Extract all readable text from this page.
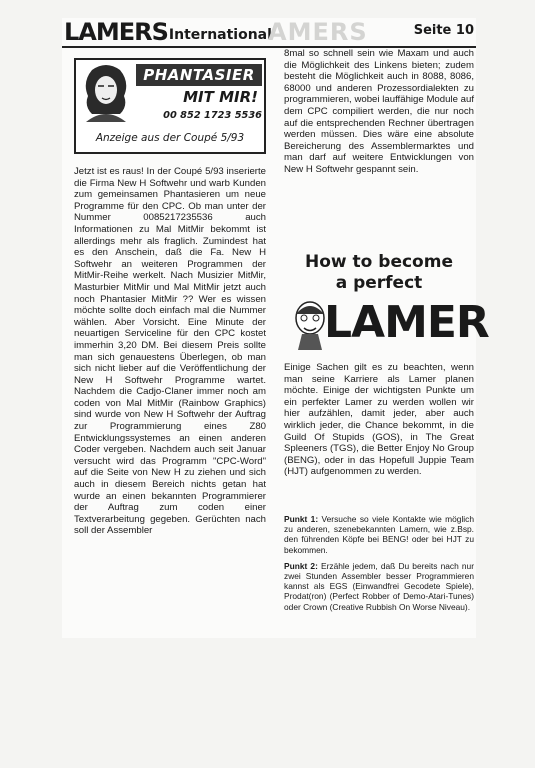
LAMERS International
AMERS	Seite 10
PHANTASIER
MIT MIR!
00 852 1723 5536
Anzeige aus der Coupé 5/93

Jetzt ist es raus! In der Coupé 5/93 inserierte die Firma New H Softwehr und warb Kunden zum gemeinsamen Phantasieren um neue Programme für den CPC. Ob man unter der Nummer 0085217235536 auch Informationen zu Mal MitMir bekommt ist allerdings mehr als fraglich. Zumindest hat es den Anschein, daß die Fa. New H Softwehr an weiteren Programmen der MitMir-Reihe werkelt. Nach Musizier MitMir, Masturbier MitMir und Mal MitMir jetzt auch noch Phantasier MitMir ?? Wer es wissen möchte sollte doch einfach mal die Nummer wählen. Aber Vorsicht. Eine Minute der neuartigen Serviceline für den CPC kostet immerhin 3,20 DM. Bei diesem Preis sollte man sich genauestens Überlegen, ob man sich nicht lieber auf die Veröffentlichung der New H Softwehr Programme wartet. Nachdem die Cadjo-Claner immer noch am coden von Mal MitMir (Rainbow Graphics) sind wurde von New H Softwehr der Auftrag zur Programmierung eines Z80 Entwicklungssystemes an einen anderen Coder vergeben. Nachdem auch seit Januar versucht wird das Programm "CPC-Word" auf die Seite von New H zu ziehen und sich auch in diesem Bereich nichts getan hat wurde an einen bekannten Programmierer der Auftrag zum coden einer Textverarbeitung gegeben. Gerüchten nach soll der Assembler

8mal so schnell sein wie Maxam und auch die Möglichkeit des Linkens bieten; zudem besteht die Möglichkeit auch in 8088, 8086, 68000 und anderen Prozessordialekten zu programmieren, wobei lauffähige Module auf dem CPC compiliert werden, die nur noch auf die entsprechenden Rechner übertragen werden müssen. Dies wäre eine absolute Bereicherung des Assemblermarktes und man darf auf weitere Entwicklungen von New H Softwehr gespannt sein.

How to become
a perfect
LAMER

Einige Sachen gilt es zu beachten, wenn man seine Karriere als Lamer planen möchte. Einige der wichtigsten Punkte um ein perfekter Lamer zu werden wollen wir hier aufzählen, damit jeder, aber auch wirklich jeder, die Chance bekommt, in die Guild Of Stupids (GOS), in The Great Spleeners (TGS), die Better Enjoy No Group (BENG), oder in das Hopefull Juppie Team (HJT) aufgenommen zu werden.

Punkt 1: Versuche so viele Kontakte wie möglich zu anderen, szenebekannten Lamern, wie z.Bsp. den führenden Köpfe bei BENG! oder bei HJT zu bekommen.

Punkt 2: Erzähle jedem, daß Du bereits nach nur zwei Stunden Assembler besser Programmieren kannst als EGS (Einwandfrei Gecodete Spiele), Prodat(ron) (Perfect Robber of Demo-Atari-Tunes) oder Crown (Creative Rubbish On Worse Niveau).
